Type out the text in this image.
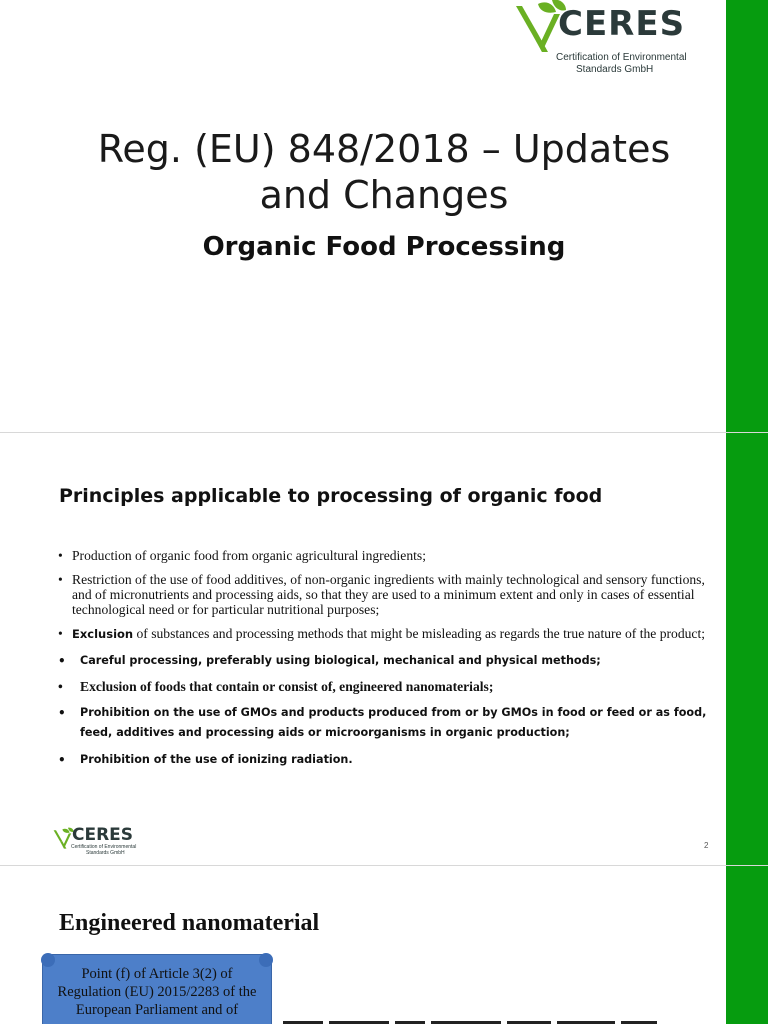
CERES
Certification of Environmental
Standards GmbH
Reg. (EU) 848/2018 – Updates
and Changes
Organic Food Processing
Principles applicable to processing of organic food
• Production of organic food from organic agricultural ingredients;
• Restriction of the use of food additives, of non-organic ingredients with mainly technological and sensory functions, and of micronutrients and processing aids, so that they are used to a minimum extent and only in cases of essential technological need or for particular nutritional purposes;
• Exclusion of substances and processing methods that might be misleading as regards the true nature of the product;
• Careful processing, preferably using biological, mechanical and physical methods;
• Exclusion of foods that contain or consist of, engineered nanomaterials;
• Prohibition on the use of GMOs and products produced from or by GMOs in food or feed or as food, feed, additives and processing aids or microorganisms in organic production;
• Prohibition of the use of ionizing radiation.
CERES
Certification of Environmental
Standards GmbH
2
Engineered nanomaterial
Point (f) of Article 3(2) of Regulation (EU) 2015/2283 of the European Parliament and of
